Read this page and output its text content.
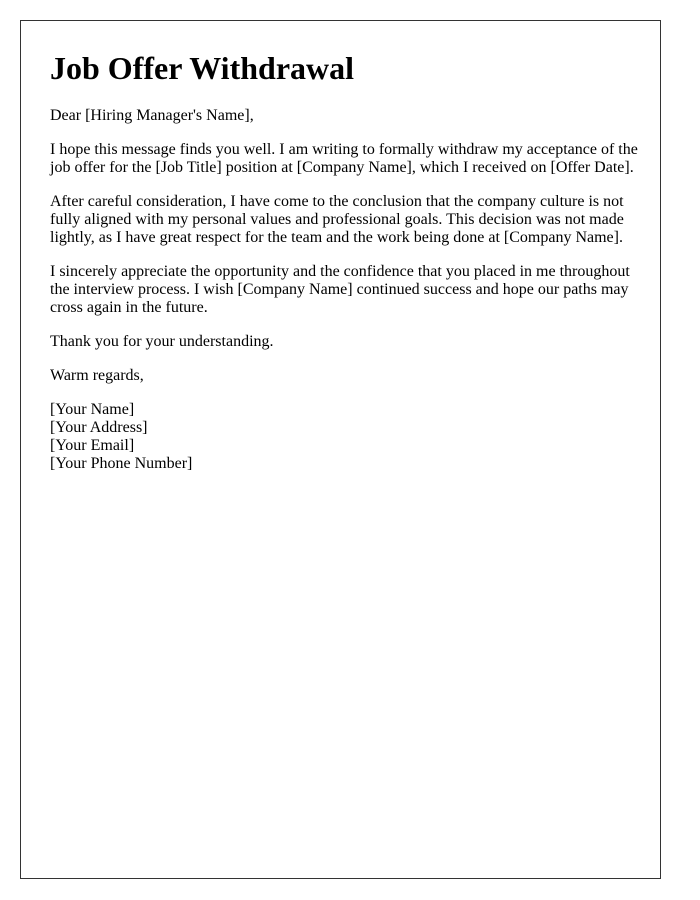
Job Offer Withdrawal

Dear [Hiring Manager's Name],

I hope this message finds you well. I am writing to formally withdraw my acceptance of the job offer for the [Job Title] position at [Company Name], which I received on [Offer Date].

After careful consideration, I have come to the conclusion that the company culture is not fully aligned with my personal values and professional goals. This decision was not made lightly, as I have great respect for the team and the work being done at [Company Name].

I sincerely appreciate the opportunity and the confidence that you placed in me throughout the interview process. I wish [Company Name] continued success and hope our paths may cross again in the future.

Thank you for your understanding.

Warm regards,

[Your Name]
[Your Address]
[Your Email]
[Your Phone Number]
